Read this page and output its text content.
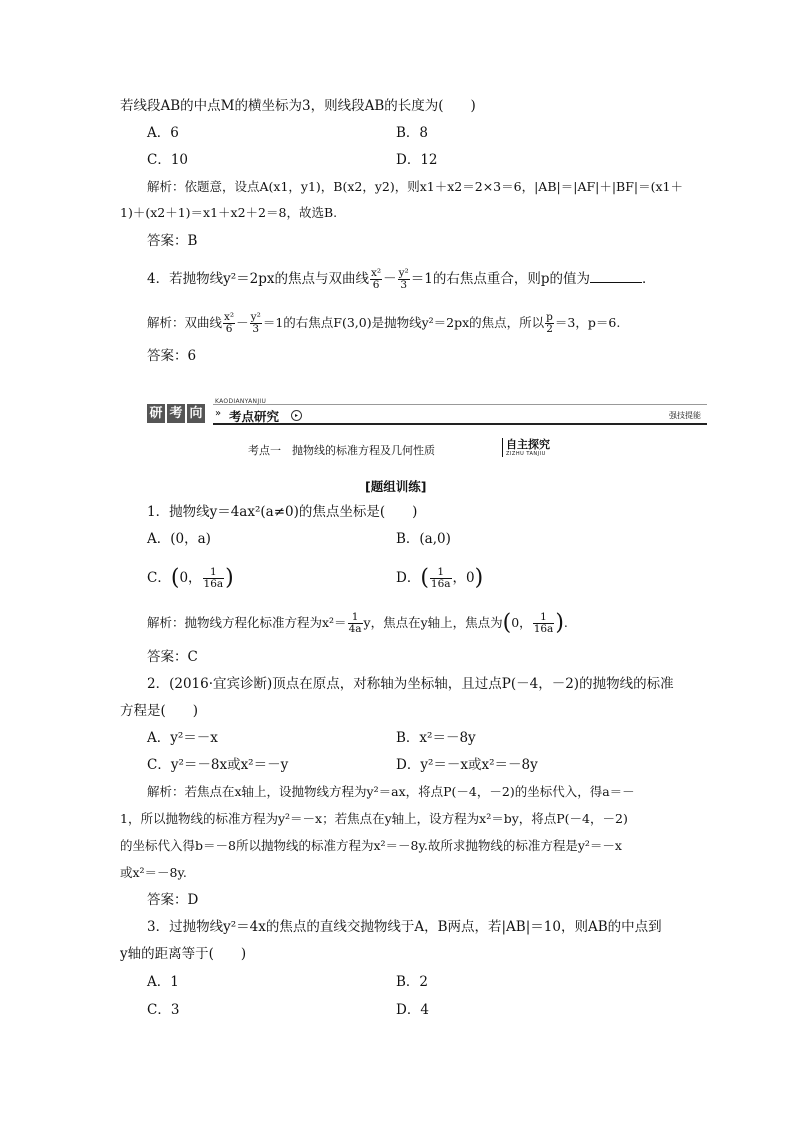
若线段AB的中点M的横坐标为3，则线段AB的长度为(　　)
A．6	B．8
C．10	D．12
解析：依题意，设点A(x1，y1)，B(x2，y2)，则x1＋x2＝2×3＝6，|AB|＝|AF|＋|BF|＝(x1＋
1)＋(x2＋1)＝x1＋x2＋2＝8，故选B.
答案：B
4．若抛物线y²＝2px的焦点与双曲线 $\frac{\text{x²}}{6} - \frac{\text{y²}}{3} =1$的右焦点重合，则p的值为	．
解析：双曲线 $\frac{\text{x²}}{6} - \frac{\text{y²}}{3} =1$的右焦点F(3,0)是抛物线y²＝2px的焦点，所以 $\frac{p}{2} =3$，p＝6.
答案：6
研 考 向
KAODIANYANJIU
» 考点研究	▸	强技提能
考点一　抛物线的标准方程及几何性质	自主探究
ZIZHU TANJIU
[题组训练]
1．抛物线y＝4ax²(a≠0)的焦点坐标是(　　)
A．(0，a)	B．(a,0)
C．(0， $\frac{1}{16a}$ )	D．( $\frac{1}{16a}$ ，0)
解析：抛物线方程化标准方程为$x^2= \frac{1}{4a}$ y，焦点在y轴上，焦点为(0， $\frac{1}{16a}$ ).
答案：C
2．(2016·宜宾诊断)顶点在原点，对称轴为坐标轴，且过点P(－4，－2)的抛物线的标准
方程是(　　)
A．y²＝－x	B．x²＝－8y
C．y²＝－8x或x²＝－y	D．y²＝－x或x²＝－8y
解析：若焦点在x轴上，设抛物线方程为y²＝ax，将点P(－4，－2)的坐标代入，得a＝－
1，所以抛物线的标准方程为y²＝－x；若焦点在y轴上，设方程为x²＝by，将点P(－4，－2)
的坐标代入得b＝－8所以抛物线的标准方程为x²＝－8y.故所求抛物线的标准方程是y²＝－x
或x²＝－8y.
答案：D
3．过抛物线y²＝4x的焦点的直线交抛物线于A，B两点，若|AB|＝10，则AB的中点到
y轴的距离等于(　　)
A．1	B．2
C．3	D．4
